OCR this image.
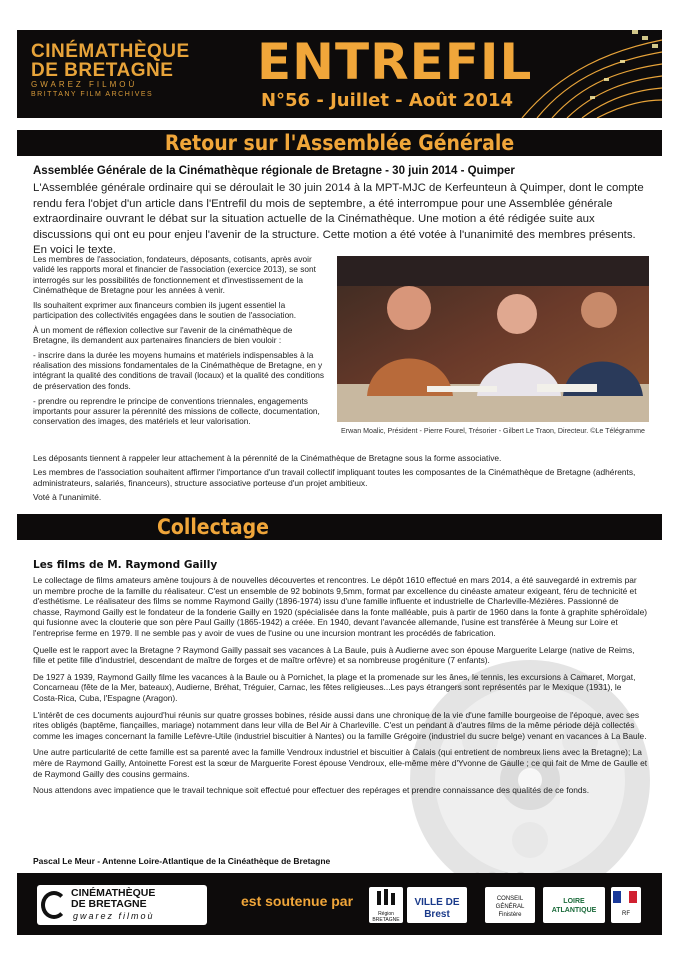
CINÉMATHÈQUE
DE BRETAGNE
GWAREZ FILMOÙ
BRITTANY FILM ARCHIVES
ENTREFIL
N°56 - Juillet - Août 2014
Retour sur l'Assemblée Générale
Assemblée Générale de la Cinémathèque régionale de Bretagne - 30 juin 2014 - Quimper
L'Assemblée générale ordinaire qui se déroulait le 30 juin 2014 à la MPT-MJC de Kerfeunteun à Quimper, dont le compte rendu fera l'objet d'un article dans l'Entrefil du mois de septembre, a été interrompue pour une Assemblée générale extraordinaire ouvrant le débat sur la situation actuelle de la Cinémathèque. Une motion a été rédigée suite aux discussions qui ont eu pour enjeu l'avenir de la structure. Cette motion a été votée à l'unanimité des membres présents. En voici le texte.

Les membres de l'association, fondateurs, déposants, cotisants, après avoir validé les rapports moral et financier de l'association (exercice 2013), se sont interrogés sur les possibilités de fonctionnement et d'investissement de la Cinémathèque de Bretagne pour les années à venir.

Ils souhaitent exprimer aux financeurs combien ils jugent essentiel la participation des collectivités engagées dans le soutien de l'association.

À un moment de réflexion collective sur l'avenir de la cinémathèque de Bretagne, ils demandent aux partenaires financiers de bien vouloir :

- inscrire dans la durée les moyens humains et matériels indispensables à la réalisation des missions fondamentales de la Cinémathèque de Bretagne, en y intégrant la qualité des conditions de travail (locaux) et la qualité des conditions de préservation des fonds.

- prendre ou reprendre le principe de conventions triennales, engagements importants pour assurer la pérennité des missions de collecte, documentation, conservation des images, des matériels et leur valorisation.

Erwan Moalic, Président - Pierre Fourel, Trésorier - Gilbert Le Traon, Directeur. ©Le Télégramme

Les déposants tiennent à rappeler leur attachement à la pérennité de la Cinémathèque de Bretagne sous la forme associative.

Les membres de l'association souhaitent affirmer l'importance d'un travail collectif impliquant toutes les composantes de la Cinémathèque de Bretagne (adhérents, administrateurs, salariés, financeurs), structure associative porteuse d'un projet ambitieux.

Voté à l'unanimité.

Collectage
Les films de M. Raymond Gailly

Le collectage de films amateurs amène toujours à de nouvelles découvertes et rencontres. Le dépôt 1610 effectué en mars 2014, a été sauvegardé in extremis par un membre proche de la famille du réalisateur. C'est un ensemble de 92 bobinots 9,5mm, format par excellence du cinéaste amateur exigeant, féru de technicité et d'esthétisme. Le réalisateur des films se nomme Raymond Gailly (1896-1974) issu d'une famille influente et industrielle de Charleville-Mézières. Passionné de chasse, Raymond Gailly est le fondateur de la fonderie Gailly en 1920 (spécialisée dans la fonte malléable, puis à partir de 1960 dans la fonte à graphite sphéroïdale) qui fusionne avec la clouterie que son père Paul Gailly (1865-1942) a créée. En 1940, devant l'avancée allemande, l'usine est transférée à Meung sur Loire et l'entreprise ferme en 1979. Il ne semble pas y avoir de vues de l'usine ou une incursion montrant les procédés de fabrication.

Quelle est le rapport avec la Bretagne ? Raymond Gailly passait ses vacances à La Baule, puis à Audierne avec son épouse Marguerite Lelarge (native de Reims, fille et petite fille d'industriel, descendant de maître de forges et de maître orfèvre) et sa nombreuse progéniture (7 enfants).

De 1927 à 1939, Raymond Gailly filme les vacances à la Baule ou à Pornichet, la plage et la promenade sur les ânes, le tennis, les excursions à Camaret, Morgat, Concarneau (fête de la Mer, bateaux), Audierne, Bréhat, Tréguier, Carnac, les fêtes religieuses...Les pays étrangers sont représentés par le Mexique (1931), le Costa-Rica, Cuba, l'Espagne (Aragon).

L'intérêt de ces documents aujourd'hui réunis sur quatre grosses bobines, réside aussi dans une chronique de la vie d'une famille bourgeoise de l'époque, avec ses rites obligés (baptême, fiançailles, mariage) notamment dans leur villa de Bel Air à Charleville. C'est un pendant à d'autres films de la même période déjà collectés comme les images concernant la famille Lefèvre-Utile (industriel biscuitier à Nantes) ou la famille Grégoire (industriel du sucre belge) venant en vacances à La Baule.

Une autre particularité de cette famille est sa parenté avec la famille Vendroux industriel et biscuitier à Calais (qui entretient de nombreux liens avec la Bretagne); La mère de Raymond Gailly, Antoinette Forest est la sœur de Marguerite Forest épouse Vendroux, elle-même mère d'Yvonne de Gaulle ; ce qui fait de Mme de Gaulle et de Raymond Gailly des cousins germains.

Nous attendons avec impatience que le travail technique soit effectué pour effectuer des repérages et prendre connaissance des qualités de ce fonds.

Pascal Le Meur - Antenne Loire-Atlantique de la Cinéathèque de Bretagne
CINÉMATHÈQUE
DE BRETAGNE
gwarez filmoù
est soutenue par
Région BRETAGNE
VILLE DE Brest
CONSEIL GÉNÉRAL Finistère
LOIRE ATLANTIQUE	RF
